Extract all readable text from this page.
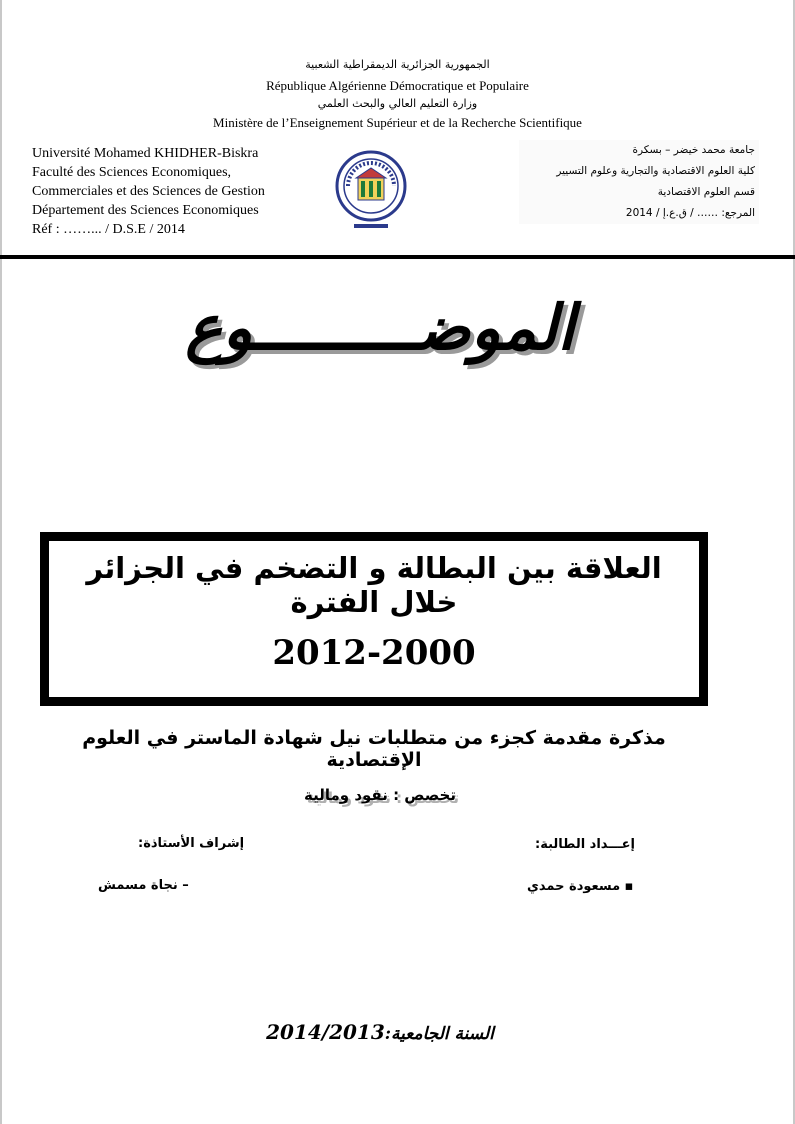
الجمهورية الجزائرية الديمقراطية الشعبية
République Algérienne Démocratique et Populaire
وزارة التعليم العالي والبحث العلمي
Ministère de l’Enseignement Supérieur et de la Recherche Scientifique
Université Mohamed KHIDHER-Biskra
Faculté des Sciences Economiques,
Commerciales et des Sciences de Gestion
Département des Sciences Economiques
Réf : ……... / D.S.E / 2014
جامعة محمد خيضر – بسكرة
كلية العلوم الاقتصادية والتجارية وعلوم التسيير
قسم العلوم الاقتصادية
المرجع: …… / ق.ع.إ / 2014
الموضـــــــــوع
العلاقة بين البطالة و التضخم في الجزائر خلال الفترة
2012-2000
مذكرة مقدمة كجزء من متطلبات نيل شهادة الماستر في العلوم الإقتصادية
تخصص : نقود ومالية
إعـــداد الطالبة:
إشراف الأستاذة:
▪ مسعودة حمدي
– نجاة مسمش
السنة الجامعية:2014/2013
